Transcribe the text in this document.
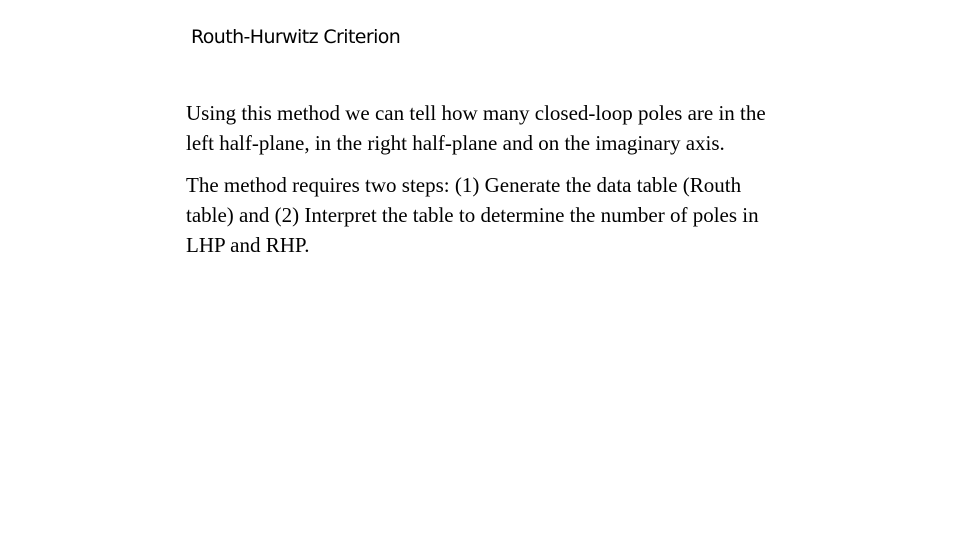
Routh-Hurwitz Criterion

Using this method we can tell how many closed-loop poles are in the left half-plane, in the right half-plane and on the imaginary axis.

The method requires two steps: (1) Generate the data table (Routh table) and (2) Interpret the table to determine the number of poles in LHP and RHP.
